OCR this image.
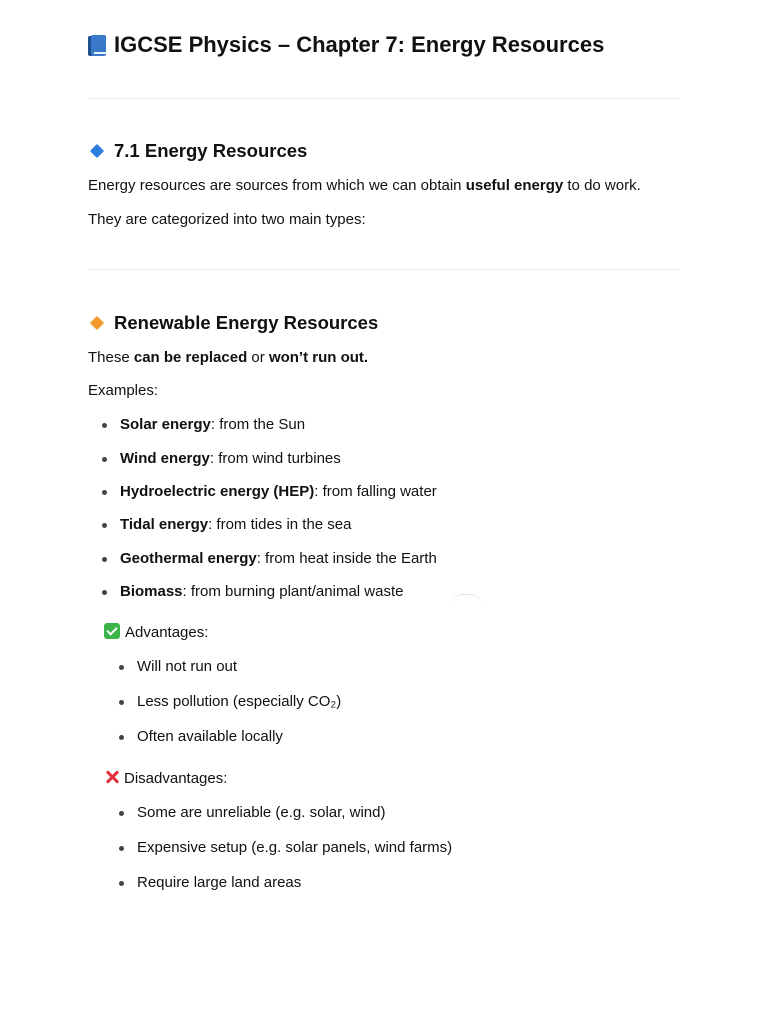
IGCSE Physics – Chapter 7: Energy Resources
7.1 Energy Resources
Energy resources are sources from which we can obtain useful energy to do work.
They are categorized into two main types:
Renewable Energy Resources
These can be replaced or won’t run out.
Examples:
Solar energy: from the Sun
Wind energy: from wind turbines
Hydroelectric energy (HEP): from falling water
Tidal energy: from tides in the sea
Geothermal energy: from heat inside the Earth
Biomass: from burning plant/animal waste
Advantages:
Will not run out
Less pollution (especially CO₂)
Often available locally
Disadvantages:
Some are unreliable (e.g. solar, wind)
Expensive setup (e.g. solar panels, wind farms)
Require large land areas
